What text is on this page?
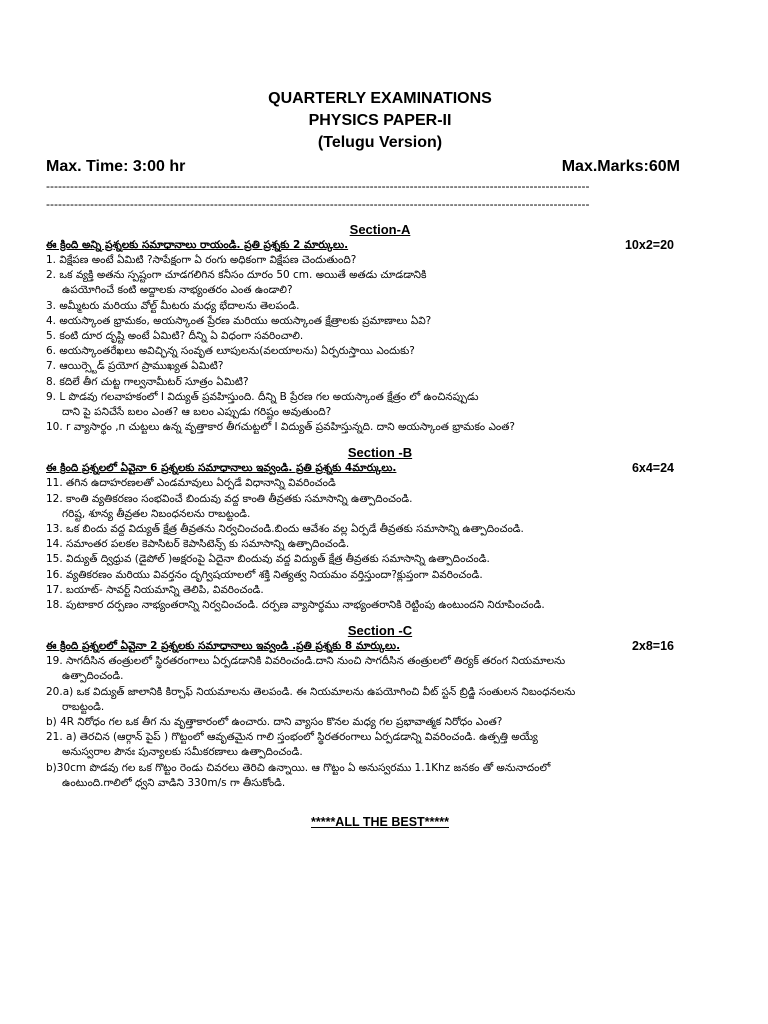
QUARTERLY EXAMINATIONS
PHYSICS PAPER-II
(Telugu Version)
Max. Time: 3:00 hr	Max.Marks:60M
----------------------------------------------------------------------------------------------------------------------------------------
----------------------------------------------------------------------------------------------------------------------------------------
Section-A
ఈ క్రింది అన్ని ప్రశ్నలకు సమాధానాలు రాయండి. ప్రతి ప్రశ్నకు 2 మార్కులు.	10x2=20
1. విక్షేపణ అంటే ఏమిటి ?సాపేక్షంగా ఏ రంగు అధికంగా విక్షేపణ చెందుతుంది?
2. ఒక వ్యక్తి అతను స్పష్టంగా చూడగలిగిన కనీసం దూరం 50 cm. అయితే అతడు చూడడానికి
ఉపయోగించే కంటి అద్దాలకు నాభ్యంతరం ఎంత ఉండాలి?
3. అమ్మీటరు మరియు వోల్ట్ మీటరు మధ్య భేదాలను తెలపండి.
4. అయస్కాంత భ్రామకం, అయస్కాంత ప్రేరణ మరియు అయస్కాంత క్షేత్రాలకు ప్రమాణాలు ఏవి?
5. కంటి దూర దృష్టి అంటే ఏమిటి? దీన్ని ఏ విధంగా సవరించాలి.
6. అయస్కాంతరేఖలు అవిచ్ఛిన్న సంవృత లూపులను(వలయాలను) ఏర్పరుస్తాయి ఎందుకు?
7. ఆయిర్స్టెడ్ ప్రయోగ ప్రాముఖ్యత ఏమిటి?
8. కదిలే తీగ చుట్ట గాల్వనామీటర్ సూత్రం ఏమిటి?
9. L పొడవు గలవాహకంలో I విద్యుత్ ప్రవహిస్తుంది. దీన్ని B ప్రేరణ గల అయస్కాంత క్షేత్రం లో ఉంచినప్పుడు
దాని పై పనిచేసే బలం ఎంత? ఆ బలం ఎప్పుడు గరిష్టం అవుతుంది?
10. r వ్యాసార్థం ,n చుట్టలు ఉన్న వృత్తాకార తీగచుట్టలో I విద్యుత్ ప్రవహిస్తున్నది. దాని అయస్కాంత భ్రామకం ఎంత?
Section -B
ఈ క్రింది ప్రశ్నలలో ఏవైనా 6 ప్రశ్నలకు సమాధానాలు ఇవ్వండి. ప్రతి ప్రశ్నకు 4మార్కులు.	6x4=24
11. తగిన ఉదాహరణలతో ఎండమావులు ఏర్పడే విధానాన్ని వివరించండి
12. కాంతి వ్యతికరణం సంభవించే బిందువు వద్ద కాంతి తీవ్రతకు సమాసాన్ని ఉత్పాదించండి.
గరిష్ట, శూన్య తీవ్రతల నిబంధనలను రాబట్టండి.
13. ఒక బిందు వద్ద విద్యుత్ క్షేత్ర తీవ్రతను నిర్వచించండి.బిందు ఆవేశం వల్ల ఏర్పడే తీవ్రతకు సమాసాన్ని ఉత్పాదించండి.
14. సమాంతర పలకల కెపాసిటర్ కెపాసిటెన్స్ కు సమాసాన్ని ఉత్పాదించండి.
15. విద్యుత్ ద్విధ్రువ (డైపోల్ )అక్షరంపై ఏదైనా బిందువు వద్ద విద్యుత్ క్షేత్ర తీవ్రతకు సమాసాన్ని ఉత్పాదించండి.
16. వ్యతికరణం మరియు వివర్తనం దృగ్విషయాలలో శక్తి నిత్యత్వ నియమం వర్తిస్తుందా?క్లుప్తంగా వివరించండి.
17. బయాట్- సావర్ట్ నియమాన్ని తెలిపి, వివరించండి.
18. పుటాకార దర్పణం నాభ్యంతరాన్ని నిర్వచించండి. దర్పణ వ్యాసార్థము నాభ్యంతరానికి రెట్టింపు ఉంటుందని నిరూపించండి.
Section -C
ఈ క్రింది ప్రశ్నలలో ఏవైనా 2 ప్రశ్నలకు సమాధానాలు ఇవ్వండి .ప్రతి ప్రశ్నకు 8 మార్కులు.	2x8=16
19. సాగదీసిన తంత్రులలో స్థిరతరంగాలు ఏర్పడడానికి వివరించండి.దాని నుంచి సాగదీసిన తంత్రులలో తిర్యక్ తరంగ నియమాలను
ఉత్పాదించండి.
20.a) ఒక విద్యుత్ జాలానికి కిర్చాఫ్ నియమాలను తెలపండి. ఈ నియమాలను ఉపయోగించి వీట్ స్టన్ బ్రిడ్జి సంతులన నిబంధనలను
రాబట్టండి.
b) 4R నిరోధం గల ఒక తీగ ను వృత్తాకారంలో ఉంచారు. దాని వ్యాసం కొనల మధ్య గల ప్రభావాత్మక నిరోధం ఎంత?
21. a) తెరచిన (ఆర్గాన్ పైప్ ) గొట్టంలో ఆవృతమైన గాలి స్తంభంలో స్థిరతరంగాలు ఏర్పడడాన్ని వివరించండి. ఉత్పత్తి అయ్యే
అనుస్వరాల పౌనః పున్యాలకు సమీకరణాలు ఉత్పాదించండి.
b)30cm పొడవు గల ఒక గొట్టం రెండు చివరలు తెరిచి ఉన్నాయి. ఆ గొట్టం ఏ అనుస్వరము 1.1Khz జనకం తో అనునాదంలో
ఉంటుంది.గాలిలో ధ్వని వాడిని 330m/s గా తీసుకోండి.
*****ALL THE BEST*****
